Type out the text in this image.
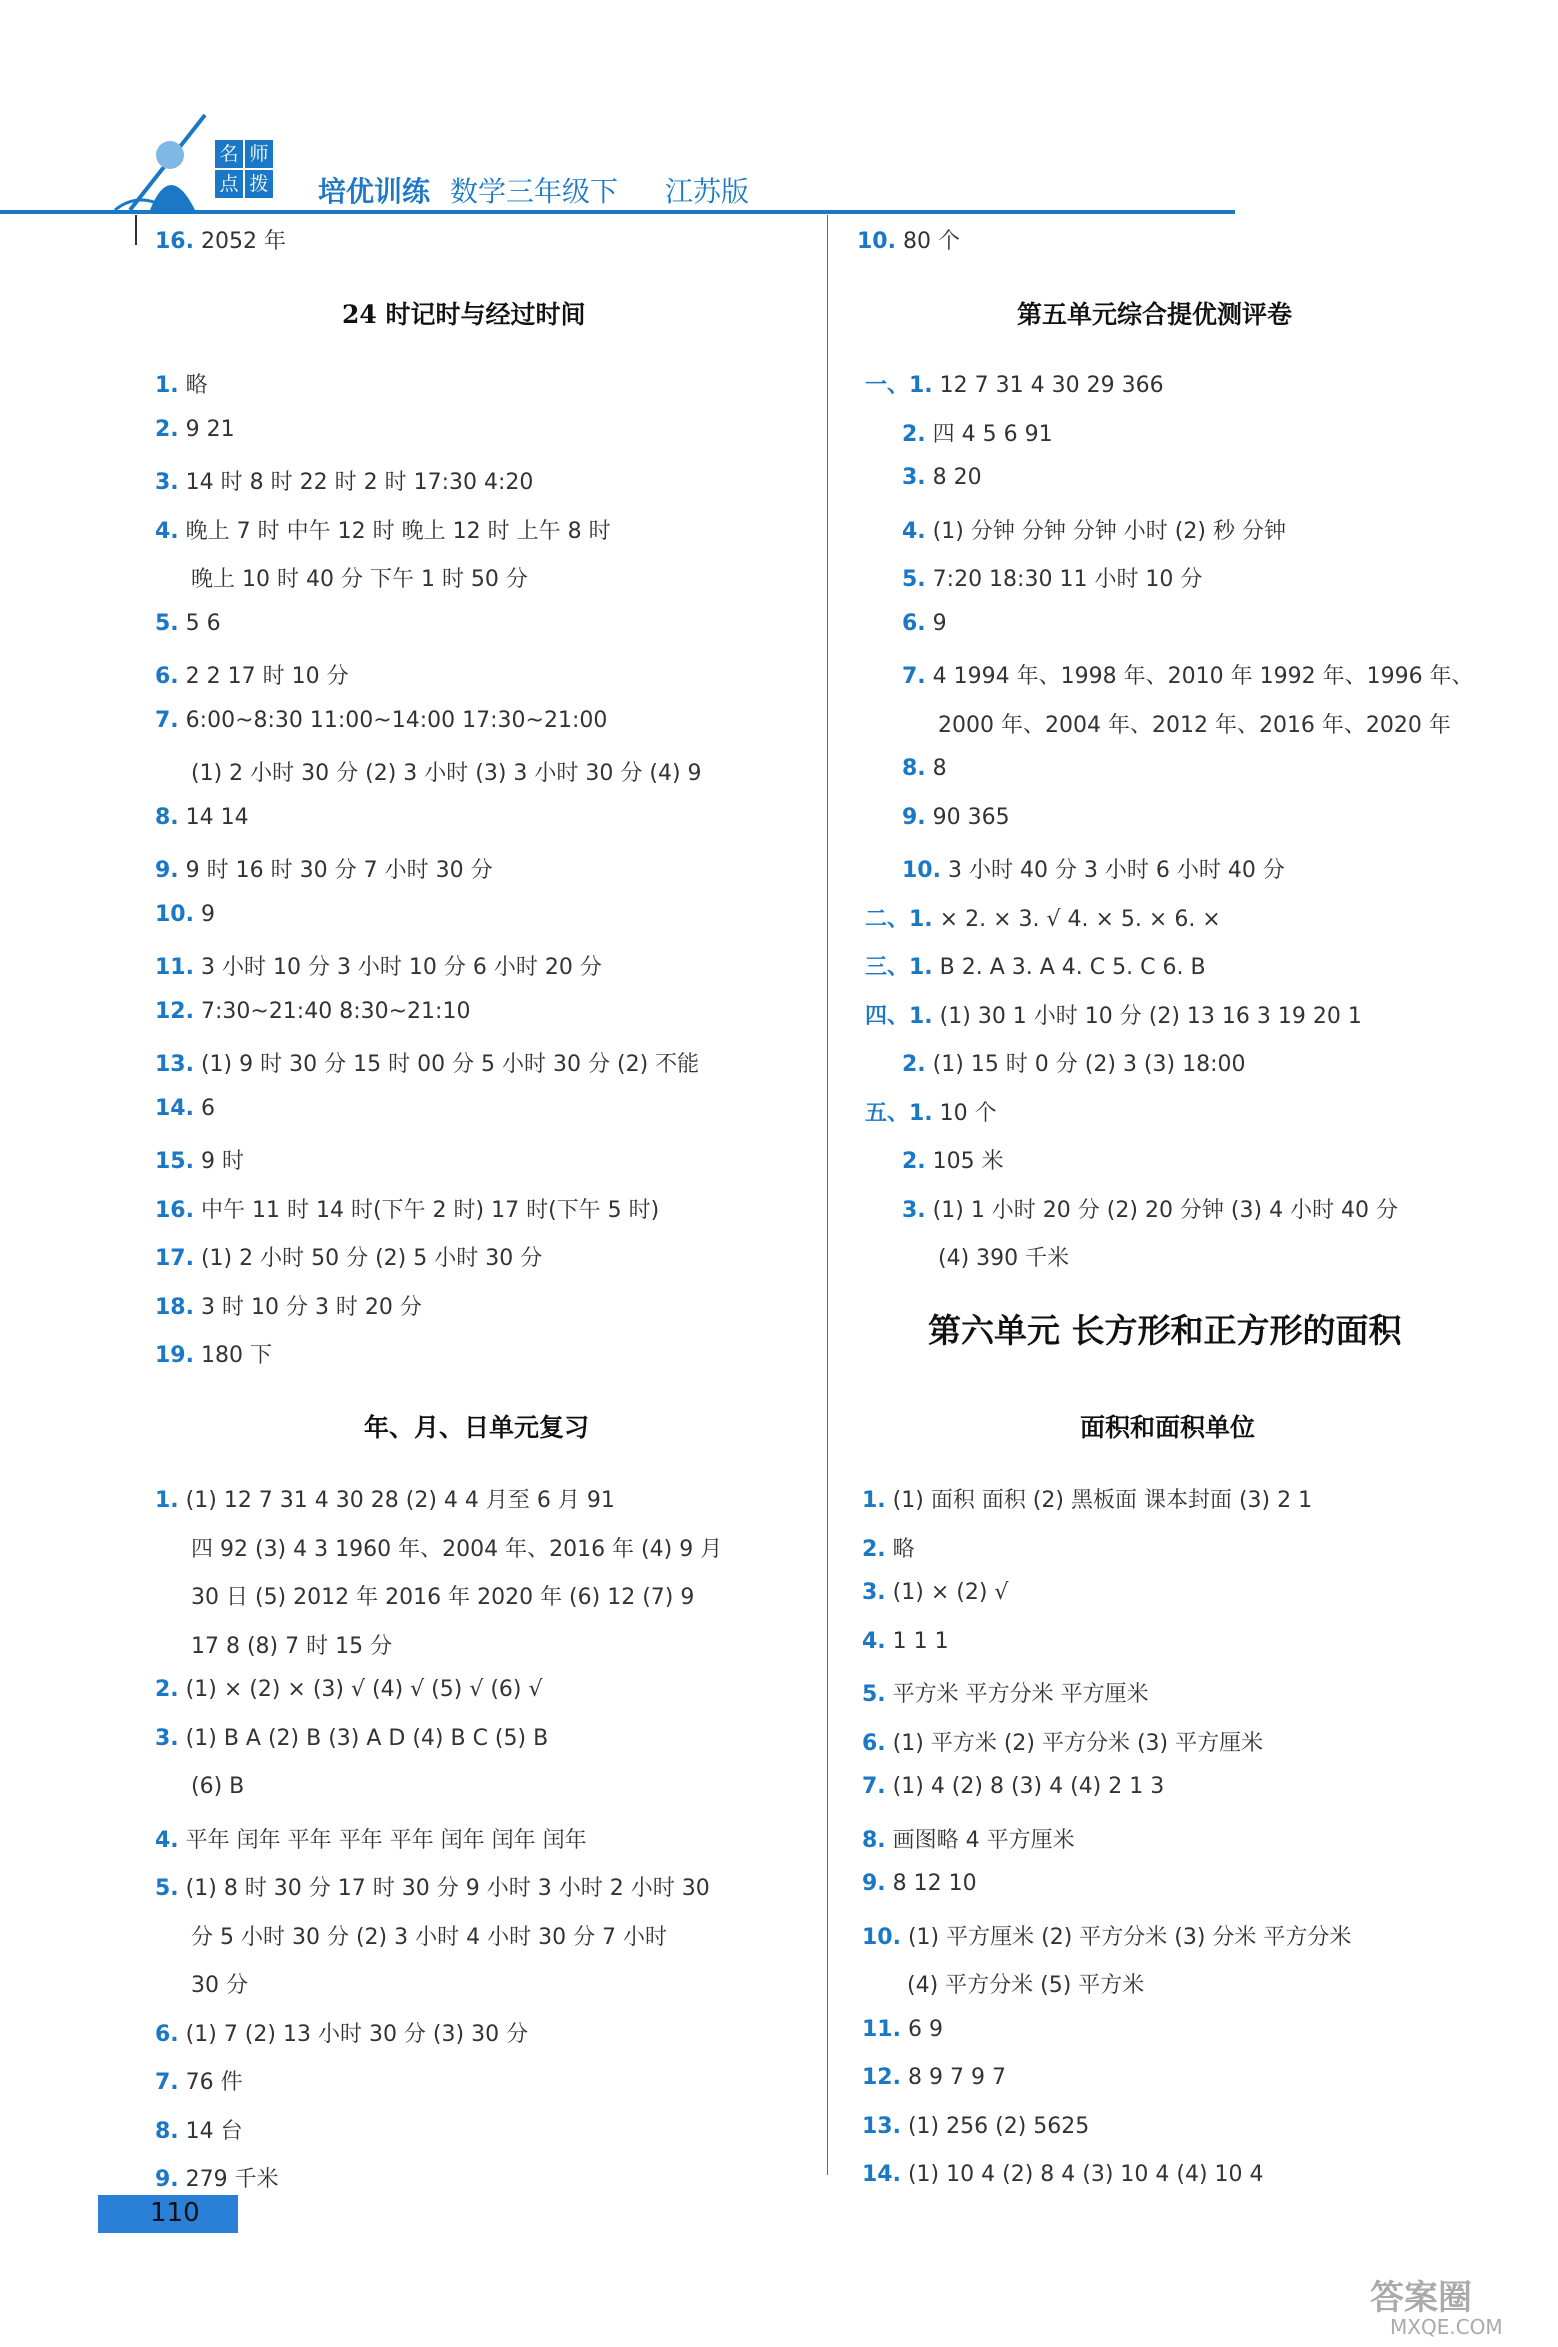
名 师
点 拨 培优训练 数学三年级下 江苏版
16. 2052 年
24 时记时与经过时间
1. 略
2. 9 21
3. 14 时 8 时 22 时 2 时 17:30 4:20
4. 晚上 7 时 中午 12 时 晚上 12 时 上午 8 时
晚上 10 时 40 分 下午 1 时 50 分
5. 5 6
6. 2 2 17 时 10 分
7. 6:00~8:30 11:00~14:00 17:30~21:00
(1) 2 小时 30 分 (2) 3 小时 (3) 3 小时 30 分 (4) 9
8. 14 14
9. 9 时 16 时 30 分 7 小时 30 分
10. 9
11. 3 小时 10 分 3 小时 10 分 6 小时 20 分
12. 7:30~21:40 8:30~21:10
13. (1) 9 时 30 分 15 时 00 分 5 小时 30 分 (2) 不能
14. 6
15. 9 时
16. 中午 11 时 14 时(下午 2 时) 17 时(下午 5 时)
17. (1) 2 小时 50 分 (2) 5 小时 30 分
18. 3 时 10 分 3 时 20 分
19. 180 下
年、月、日单元复习
1. (1) 12 7 31 4 30 28 (2) 4 4 月至 6 月 91
四 92 (3) 4 3 1960 年、2004 年、2016 年 (4) 9 月
30 日 (5) 2012 年 2016 年 2020 年 (6) 12 (7) 9
17 8 (8) 7 时 15 分
2. (1) × (2) × (3) √ (4) √ (5) √ (6) √
3. (1) B A (2) B (3) A D (4) B C (5) B
(6) B
4. 平年 闰年 平年 平年 平年 闰年 闰年 闰年
5. (1) 8 时 30 分 17 时 30 分 9 小时 3 小时 2 小时 30
分 5 小时 30 分 (2) 3 小时 4 小时 30 分 7 小时
30 分
6. (1) 7 (2) 13 小时 30 分 (3) 30 分
7. 76 件
8. 14 台
9. 279 千米
10. 80 个
第五单元综合提优测评卷
一、1. 12 7 31 4 30 29 366
2. 四 4 5 6 91
3. 8 20
4. (1) 分钟 分钟 分钟 小时 (2) 秒 分钟
5. 7:20 18:30 11 小时 10 分
6. 9
7. 4 1994 年、1998 年、2010 年 1992 年、1996 年、
2000 年、2004 年、2012 年、2016 年、2020 年
8. 8
9. 90 365
10. 3 小时 40 分 3 小时 6 小时 40 分
二、1. × 2. × 3. √ 4. × 5. × 6. ×
三、1. B 2. A 3. A 4. C 5. C 6. B
四、1. (1) 30 1 小时 10 分 (2) 13 16 3 19 20 1
2. (1) 15 时 0 分 (2) 3 (3) 18:00
五、1. 10 个
2. 105 米
3. (1) 1 小时 20 分 (2) 20 分钟 (3) 4 小时 40 分
(4) 390 千米
第六单元 长方形和正方形的面积
面积和面积单位
1. (1) 面积 面积 (2) 黑板面 课本封面 (3) 2 1
2. 略
3. (1) × (2) √
4. 1 1 1
5. 平方米 平方分米 平方厘米
6. (1) 平方米 (2) 平方分米 (3) 平方厘米
7. (1) 4 (2) 8 (3) 4 (4) 2 1 3
8. 画图略 4 平方厘米
9. 8 12 10
10. (1) 平方厘米 (2) 平方分米 (3) 分米 平方分米
(4) 平方分米 (5) 平方米
11. 6 9
12. 8 9 7 9 7
13. (1) 256 (2) 5625
14. (1) 10 4 (2) 8 4 (3) 10 4 (4) 10 4
110
答案圈
MXQE.COM
